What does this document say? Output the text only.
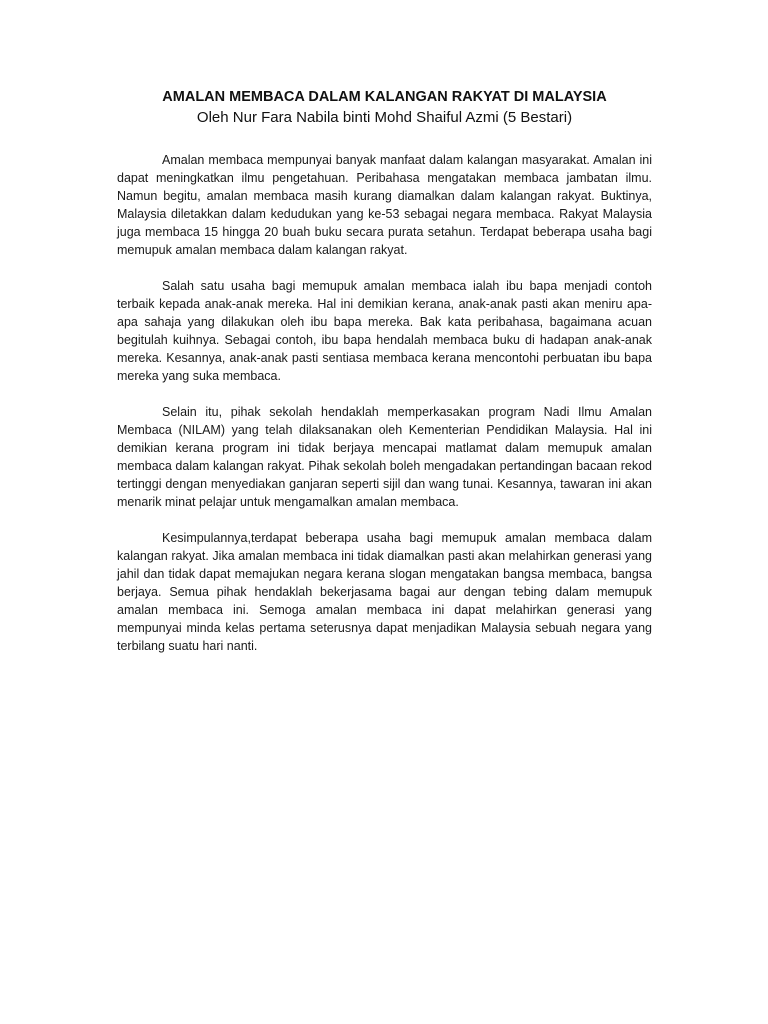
AMALAN MEMBACA DALAM KALANGAN RAKYAT DI MALAYSIA

Oleh Nur Fara Nabila binti Mohd Shaiful Azmi (5 Bestari)

Amalan membaca mempunyai banyak manfaat dalam kalangan masyarakat. Amalan ini dapat meningkatkan ilmu pengetahuan. Peribahasa mengatakan membaca jambatan ilmu. Namun begitu, amalan membaca masih kurang diamalkan dalam kalangan rakyat. Buktinya, Malaysia diletakkan dalam kedudukan yang ke-53 sebagai negara membaca. Rakyat Malaysia juga membaca 15 hingga 20 buah buku secara purata setahun. Terdapat beberapa usaha bagi memupuk amalan membaca dalam kalangan rakyat.

Salah satu usaha bagi memupuk amalan membaca ialah ibu bapa menjadi contoh terbaik kepada anak-anak mereka. Hal ini demikian kerana, anak-anak pasti akan meniru apa-apa sahaja yang dilakukan oleh ibu bapa mereka. Bak kata peribahasa, bagaimana acuan begitulah kuihnya. Sebagai contoh, ibu bapa hendalah membaca buku di hadapan anak-anak mereka. Kesannya, anak-anak pasti sentiasa membaca kerana mencontohi perbuatan ibu bapa mereka yang suka membaca.

Selain itu, pihak sekolah hendaklah memperkasakan program Nadi Ilmu Amalan Membaca (NILAM) yang telah dilaksanakan oleh Kementerian Pendidikan Malaysia. Hal ini demikian kerana program ini tidak berjaya mencapai matlamat dalam memupuk amalan membaca dalam kalangan rakyat. Pihak sekolah boleh mengadakan pertandingan bacaan rekod tertinggi dengan menyediakan ganjaran seperti sijil dan wang tunai. Kesannya, tawaran ini akan menarik minat pelajar untuk mengamalkan amalan membaca.

Kesimpulannya,terdapat beberapa usaha bagi memupuk amalan membaca dalam kalangan rakyat. Jika amalan membaca ini tidak diamalkan pasti akan melahirkan generasi yang jahil dan tidak dapat memajukan negara kerana slogan mengatakan bangsa membaca, bangsa berjaya. Semua pihak hendaklah bekerjasama bagai aur dengan tebing dalam memupuk amalan membaca ini. Semoga amalan membaca ini dapat melahirkan generasi yang mempunyai minda kelas pertama seterusnya dapat menjadikan Malaysia sebuah negara yang terbilang suatu hari nanti.
